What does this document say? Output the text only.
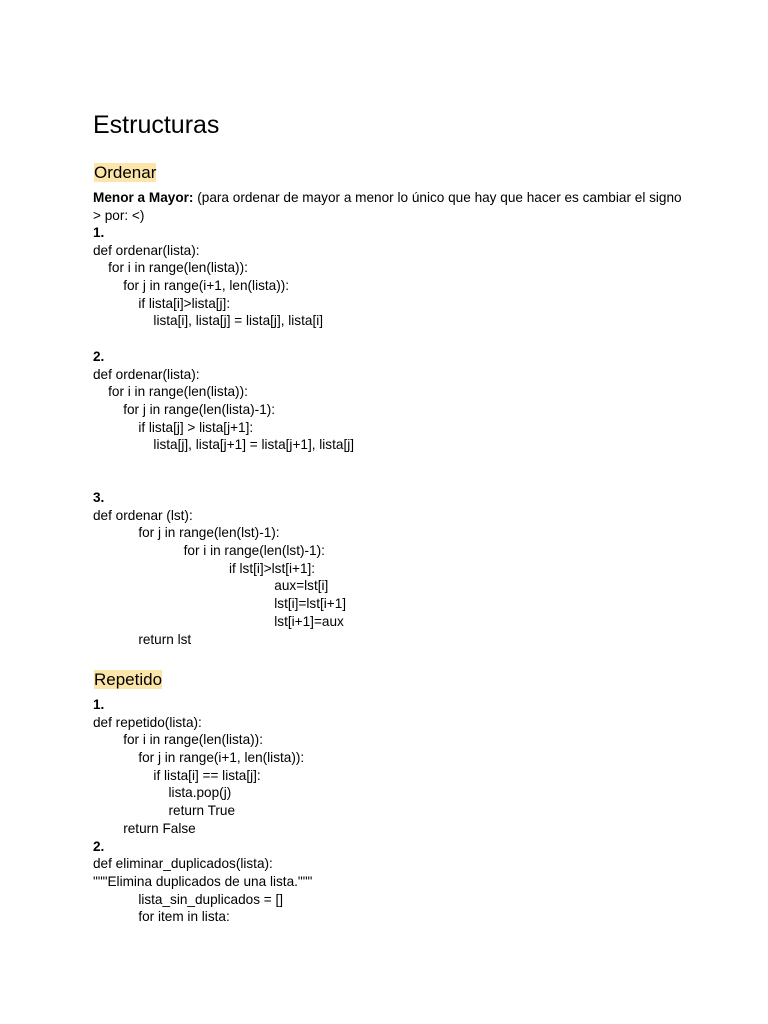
Estructuras
Ordenar
Menor a Mayor: (para ordenar de mayor a menor lo único que hay que hacer es cambiar el signo > por: <)
1.
def ordenar(lista):
for i in range(len(lista)):
for j in range(i+1, len(lista)):
if lista[i]>lista[j]:
lista[i], lista[j] = lista[j], lista[i]
2.
def ordenar(lista):
for i in range(len(lista)):
for j in range(len(lista)-1):
if lista[j] > lista[j+1]:
lista[j], lista[j+1] = lista[j+1], lista[j]
3.
def ordenar (lst):
for j in range(len(lst)-1):
for i in range(len(lst)-1):
if lst[i]>lst[i+1]:
aux=lst[i]
lst[i]=lst[i+1]
lst[i+1]=aux
return lst
Repetido
1.
def repetido(lista):
for i in range(len(lista)):
for j in range(i+1, len(lista)):
if lista[i] == lista[j]:
lista.pop(j)
return True
return False
2.
def eliminar_duplicados(lista):
"""Elimina duplicados de una lista."""
lista_sin_duplicados = []
for item in lista:
